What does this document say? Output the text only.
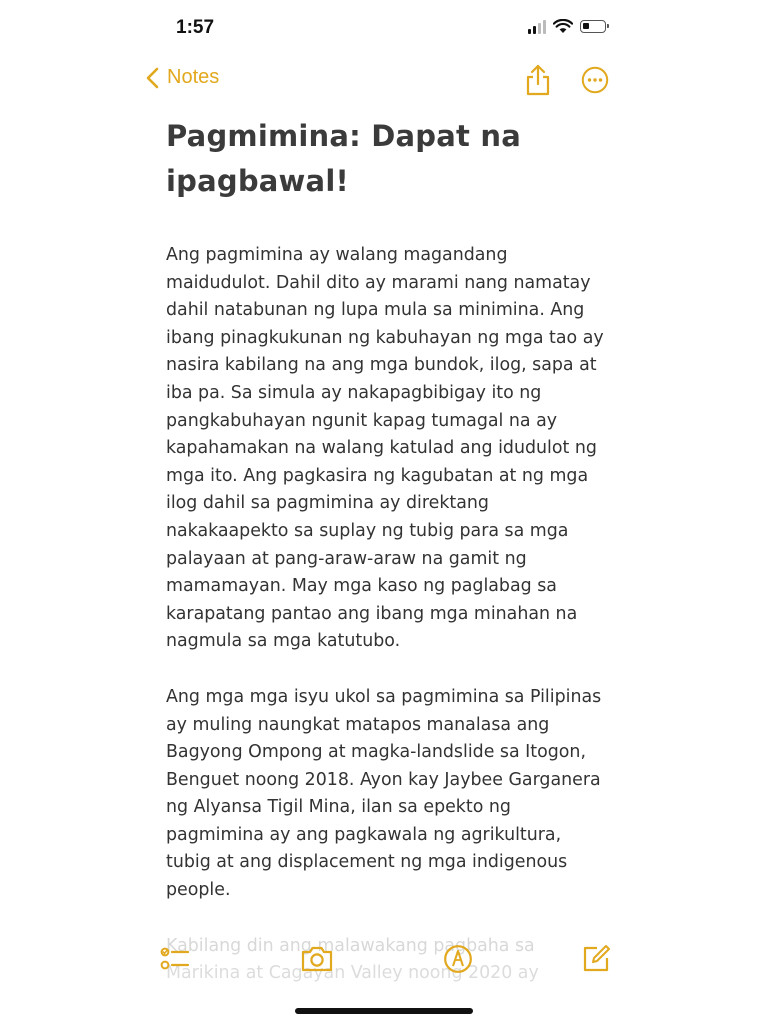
1:57
Notes
Pagmimina: Dapat na ipagbawal!

Ang pagmimina ay walang magandang maidudulot. Dahil dito ay marami nang namatay dahil natabunan ng lupa mula sa minimina. Ang ibang pinagkukunan ng kabuhayan ng mga tao ay nasira kabilang na ang mga bundok, ilog, sapa at iba pa. Sa simula ay nakapagbibigay ito ng pangkabuhayan ngunit kapag tumagal na ay kapahamakan na walang katulad ang idudulot ng mga ito. Ang pagkasira ng kagubatan at ng mga ilog dahil sa pagmimina ay direktang nakakaapekto sa suplay ng tubig para sa mga palayaan at pang-araw-araw na gamit ng mamamayan. May mga kaso ng paglabag sa karapatang pantao ang ibang mga minahan na nagmula sa mga katutubo.

Ang mga mga isyu ukol sa pagmimina sa Pilipinas ay muling naungkat matapos manalasa ang Bagyong Ompong at magka-landslide sa Itogon, Benguet noong 2018. Ayon kay Jaybee Garganera ng Alyansa Tigil Mina, ilan sa epekto ng pagmimina ay ang pagkawala ng agrikultura, tubig at ang displacement ng mga indigenous people.
